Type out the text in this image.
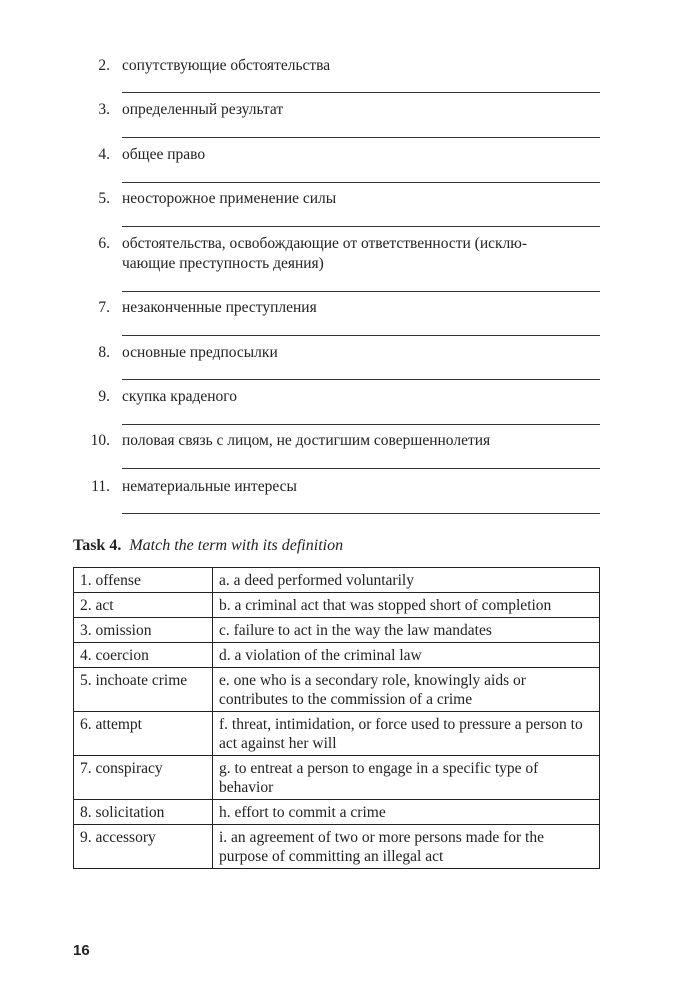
2. сопутствующие обстоятельства
3. определенный результат
4. общее право
5. неосторожное применение силы
6. обстоятельства, освобождающие от ответственности (исклю-
чающие преступность деяния)
7. незаконченные преступления
8. основные предпосылки
9. скупка краденого
10. половая связь с лицом, не достигшим совершеннолетия
11. нематериальные интересы
Task 4. Match the term with its definition
1. offense	a. a deed performed voluntarily
2. act	b. a criminal act that was stopped short of completion
3. omission	c. failure to act in the way the law mandates
4. coercion	d. a violation of the criminal law
5. inchoate crime	e. one who is a secondary role, knowingly aids or contributes to the commission of a crime
6. attempt	f. threat, intimidation, or force used to pressure a person to act against her will
7. conspiracy	g. to entreat a person to engage in a specific type of behavior
8. solicitation	h. effort to commit a crime
9. accessory	i. an agreement of two or more persons made for the purpose of committing an illegal act
16
